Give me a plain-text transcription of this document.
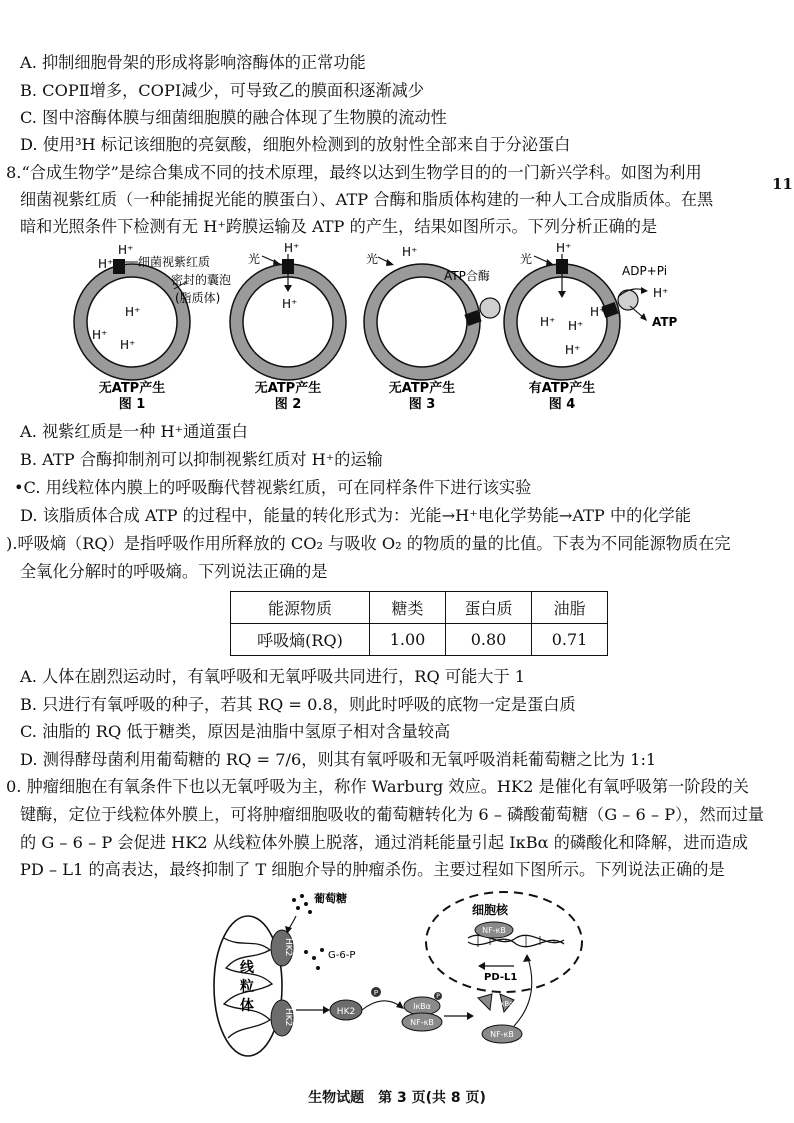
A. 抑制细胞骨架的形成将影响溶酶体的正常功能
B. COPⅡ增多，COPⅠ减少，可导致乙的膜面积逐渐减少
C. 图中溶酶体膜与细菌细胞膜的融合体现了生物膜的流动性
D. 使用³H 标记该细胞的亮氨酸，细胞外检测到的放射性全部来自于分泌蛋白
8.“合成生物学”是综合集成不同的技术原理，最终以达到生物学目的的一门新兴学科。如图为利用
细菌视紫红质（一种能捕捉光能的膜蛋白）、ATP 合酶和脂质体构建的一种人工合成脂质体。在黑
暗和光照条件下检测有无 H⁺跨膜运输及 ATP 的产生，结果如图所示。下列分析正确的是
11
H⁺
H⁺
细菌视紫红质
密封的囊泡
(脂质体)
H⁺
H⁺
H⁺
无ATP产生
图 1
光
H⁺
H⁺
无ATP产生
图 2
光 H⁺
ATP合酶
无ATP产生
图 3
光
H⁺
ADP+Pi
H⁺
ATP
H⁺ H⁺
H⁺
H⁺
有ATP产生
图 4
A. 视紫红质是一种 H⁺通道蛋白
B. ATP 合酶抑制剂可以抑制视紫红质对 H⁺的运输
•C. 用线粒体内膜上的呼吸酶代替视紫红质，可在同样条件下进行该实验
D. 该脂质体合成 ATP 的过程中，能量的转化形式为：光能→H⁺电化学势能→ATP 中的化学能
).呼吸熵（RQ）是指呼吸作用所释放的 CO₂ 与吸收 O₂ 的物质的量的比值。下表为不同能源物质在完
全氧化分解时的呼吸熵。下列说法正确的是
能源物质	糖类	蛋白质	油脂
呼吸熵(RQ)	1.00	0.80	0.71
A. 人体在剧烈运动时，有氧呼吸和无氧呼吸共同进行，RQ 可能大于 1
B. 只进行有氧呼吸的种子，若其 RQ = 0.8，则此时呼吸的底物一定是蛋白质
C. 油脂的 RQ 低于糖类，原因是油脂中氢原子相对含量较高
D. 测得酵母菌利用葡萄糖的 RQ = 7/6，则其有氧呼吸和无氧呼吸消耗葡萄糖之比为 1:1
0. 肿瘤细胞在有氧条件下也以无氧呼吸为主，称作 Warburg 效应。HK2 是催化有氧呼吸第一阶段的关
键酶，定位于线粒体外膜上，可将肿瘤细胞吸收的葡萄糖转化为 6 – 磷酸葡萄糖（G – 6 – P），然而过量
的 G – 6 – P 会促进 HK2 从线粒体外膜上脱落，通过消耗能量引起 IκBα 的磷酸化和降解，进而造成
PD – L1 的高表达，最终抑制了 T 细胞介导的肿瘤杀伤。主要过程如下图所示。下列说法正确的是
线
粒
体
HK2
HK2
葡萄糖
G-6-P
HK2
P
IκBα
NF-κB
P
IκBα
NF-κB
细胞核
NF-κB
PD-L1
生物试题　第 3 页(共 8 页)
